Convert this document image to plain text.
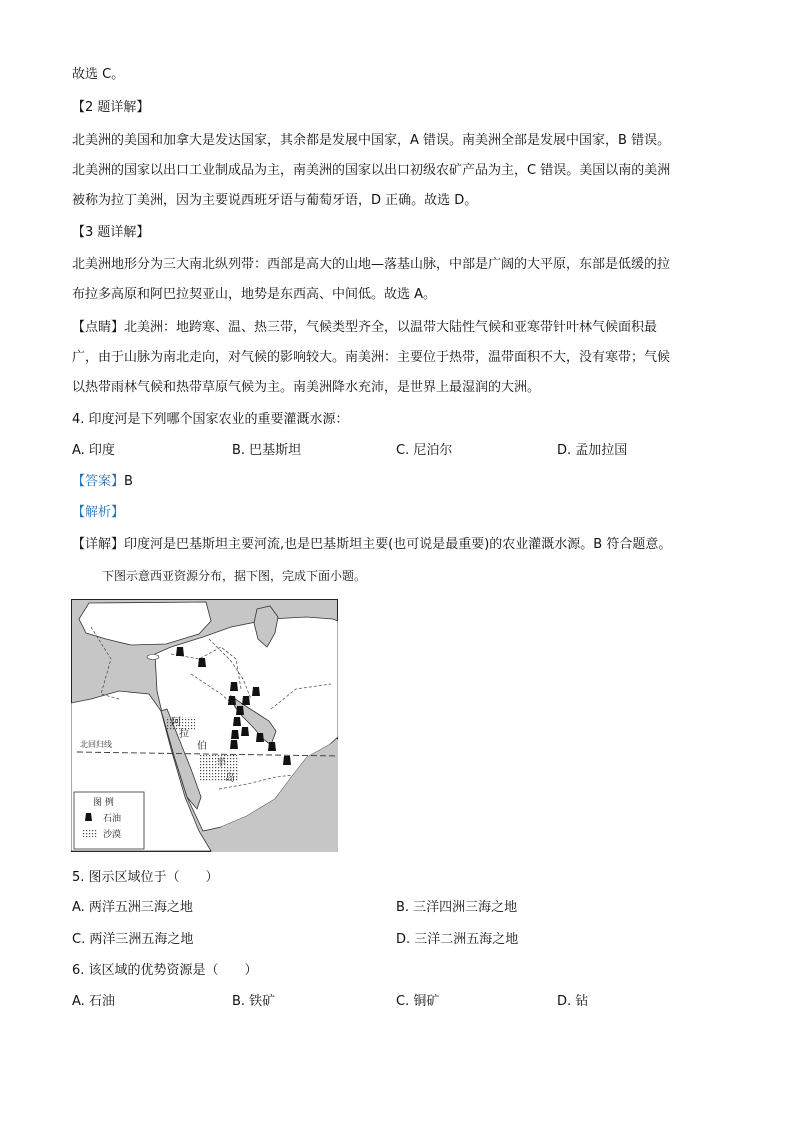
故选 C。
【2 题详解】
北美洲的美国和加拿大是发达国家，其余都是发展中国家，A 错误。南美洲全部是发展中国家，B 错误。
北美洲的国家以出口工业制成品为主，南美洲的国家以出口初级农矿产品为主，C 错误。美国以南的美洲
被称为拉丁美洲，因为主要说西班牙语与葡萄牙语，D 正确。故选 D。
【3 题详解】
北美洲地形分为三大南北纵列带：西部是高大的山地—落基山脉，中部是广阔的大平原，东部是低缓的拉
布拉多高原和阿巴拉契亚山，地势是东西高、中间低。故选 A。
【点睛】北美洲：地跨寒、温、热三带，气候类型齐全，以温带大陆性气候和亚寒带针叶林气候面积最
广，由于山脉为南北走向，对气候的影响较大。南美洲：主要位于热带，温带面积不大，没有寒带；气候
以热带雨林气候和热带草原气候为主。南美洲降水充沛，是世界上最湿润的大洲。
4. 印度河是下列哪个国家农业的重要灌溉水源：
A. 印度	B. 巴基斯坦	C. 尼泊尔	D. 孟加拉国
【答案】B
【解析】
【详解】印度河是巴基斯坦主要河流,也是巴基斯坦主要(也可说是最重要)的农业灌溉水源。B 符合题意。
下图示意西亚资源分布，据下图，完成下面小题。
北回归线
阿
拉
伯
半
岛
图 例
石油
沙漠
5. 图示区域位于（　　）
A. 两洋五洲三海之地	B. 三洋四洲三海之地
C. 两洋三洲五海之地	D. 三洋二洲五海之地
6. 该区域的优势资源是（　　）
A. 石油	B. 铁矿	C. 铜矿	D. 钻
